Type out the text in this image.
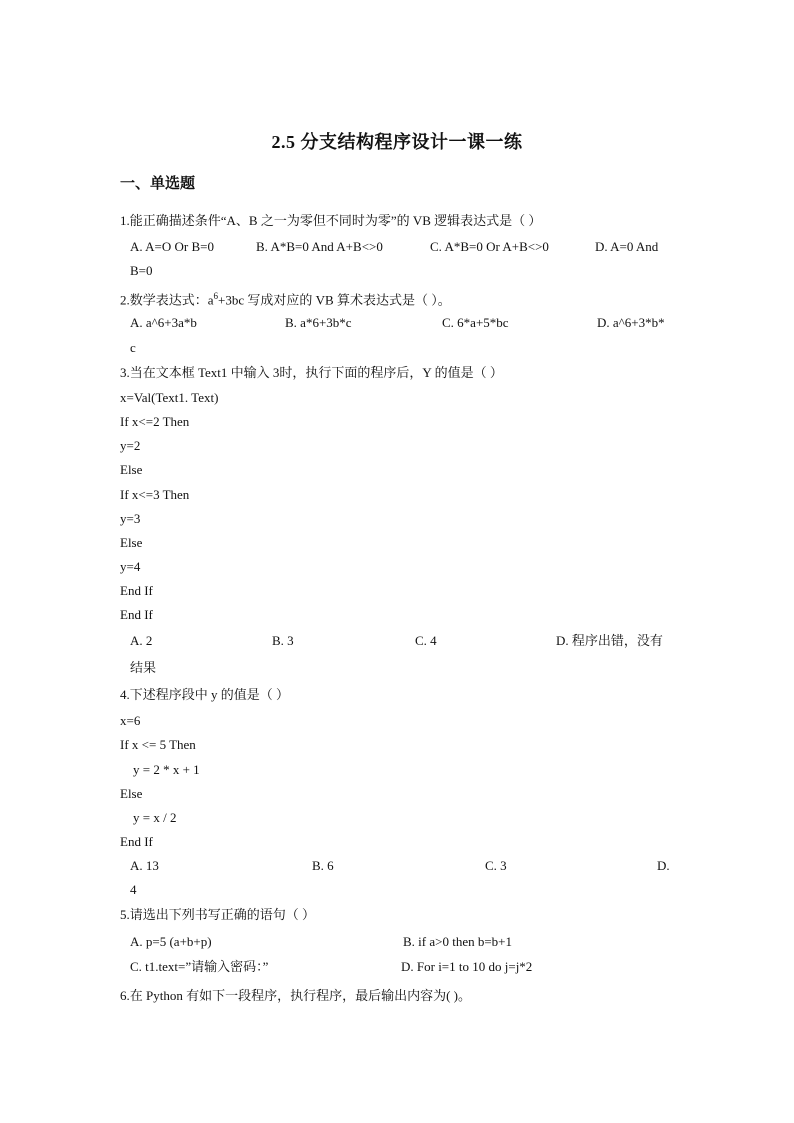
2.5 分支结构程序设计一课一练
一、单选题
1.能正确描述条件“A、B 之一为零但不同时为零”的 VB 逻辑表达式是（ ）
A. A=O Or B=0	B. A*B=0 And A+B<>0	C. A*B=0 Or A+B<>0	D. A=0 And
B=0
2.数学表达式：$a^6+3bc$ 写成对应的 VB 算术表达式是（ ）。
A. a^6+3a*b	B. a*6+3b*c	C. 6*a+5*bc	D. a^6+3*b*
c
3.当在文本框 Text1 中输入 3时，执行下面的程序后，Y 的值是（ ）
x=Val(Text1. Text)
If x<=2 Then
y=2
Else
If x<=3 Then
y=3
Else
y=4
End If
End If
A. 2	B. 3	C. 4	D. 程序出错，没有
结果
4.下述程序段中 y 的值是（ ）
x=6
If x <= 5 Then
y = 2 * x + 1
Else
y = x / 2
End If
A. 13	B. 6	C. 3	D.
4
5.请选出下列书写正确的语句（ ）
A. p=5 (a+b+p)	B. if a>0 then b=b+1
C. t1.text=”请输入密码：”	D. For i=1 to 10 do j=j*2
6.在 Python 有如下一段程序，执行程序，最后输出内容为( )。
